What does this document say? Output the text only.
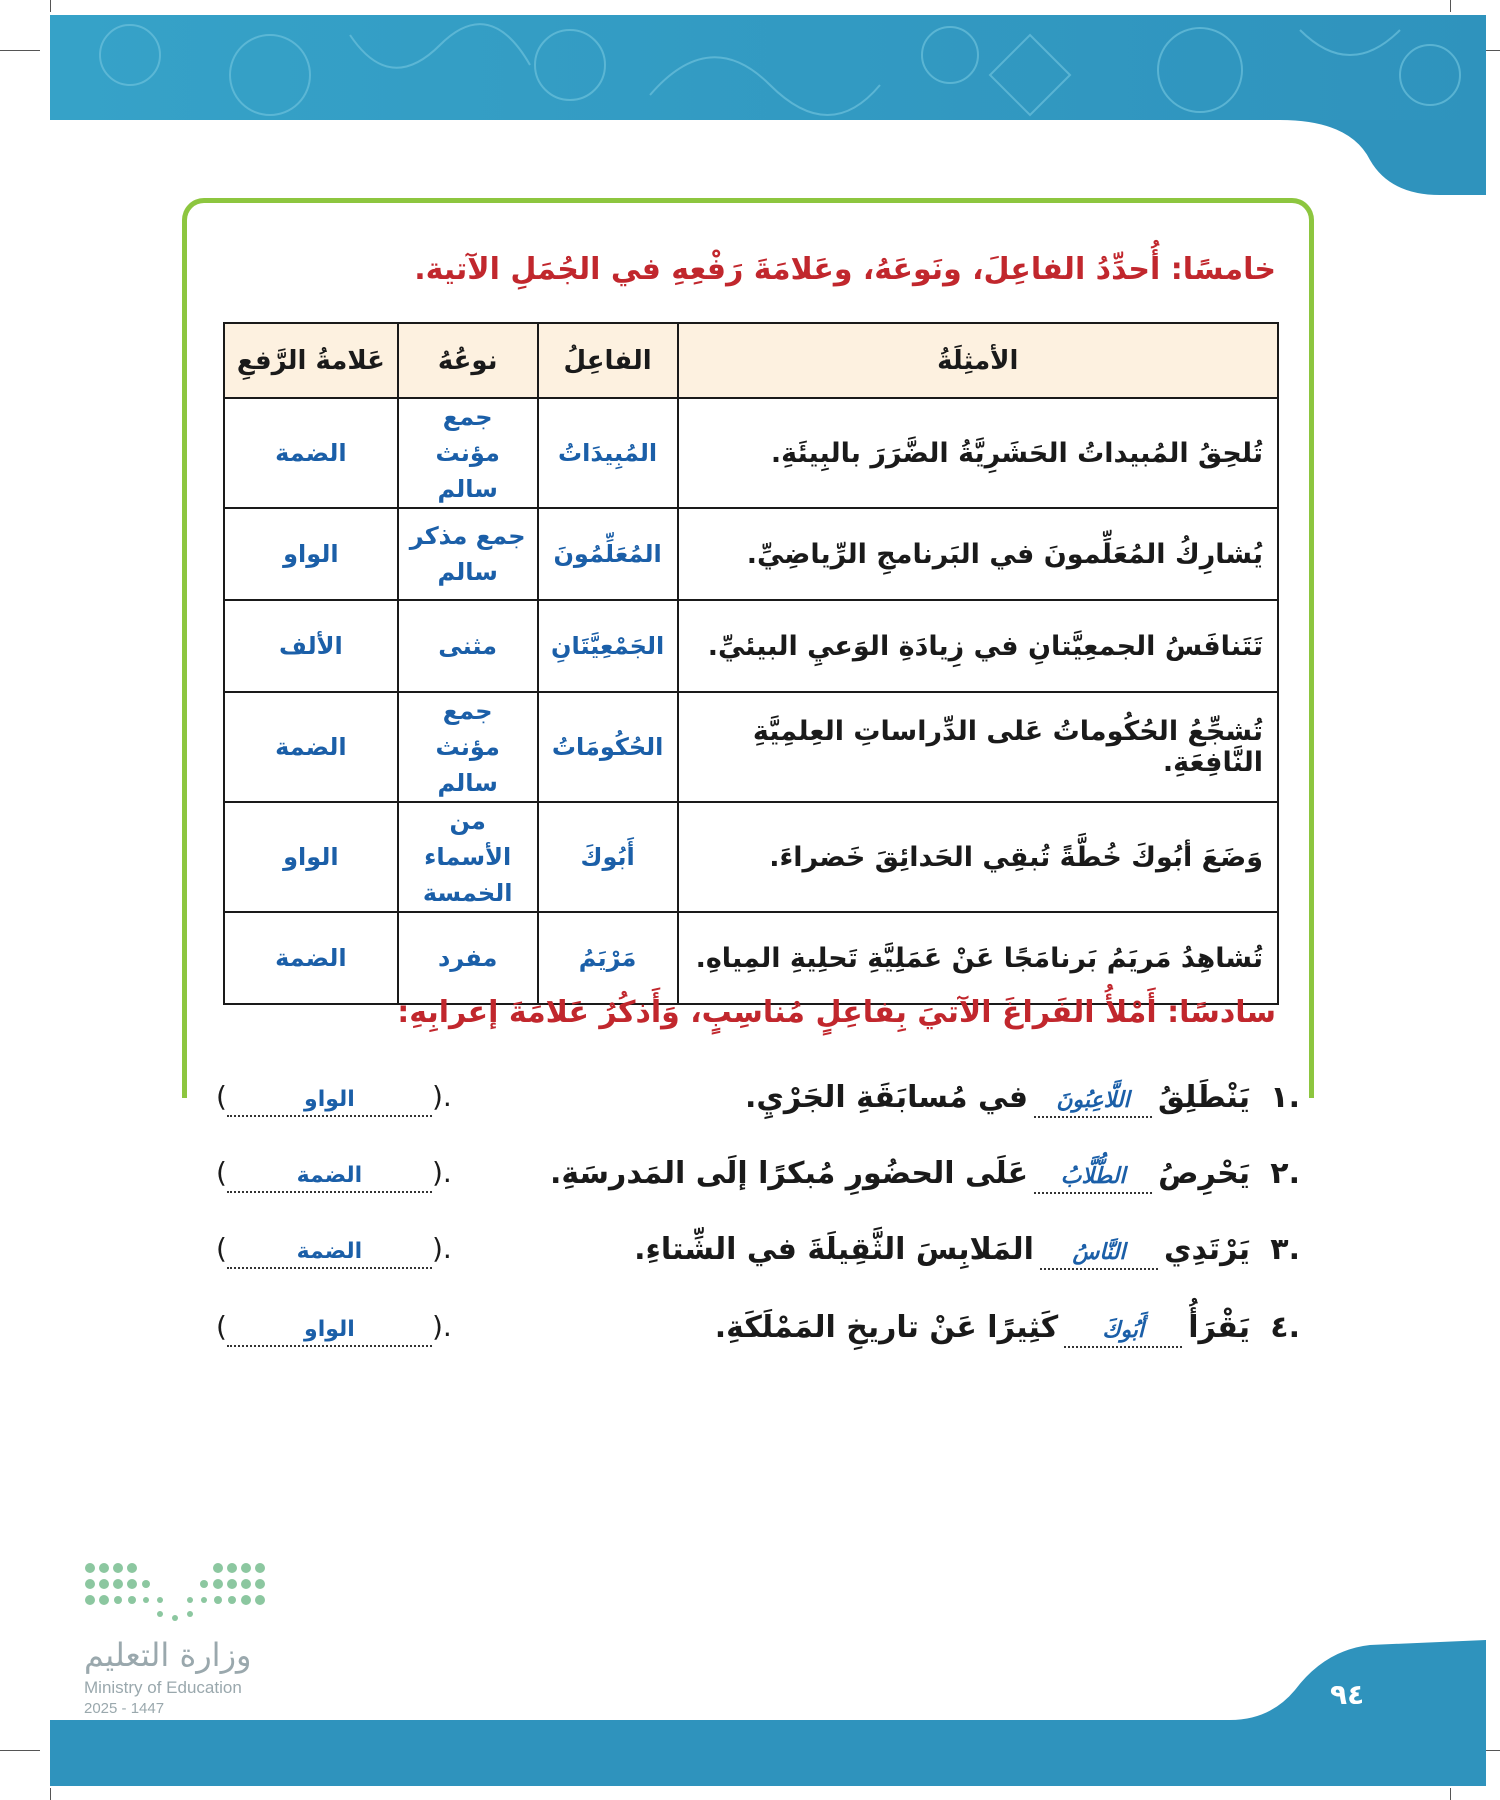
خامسًا: أُحدِّدُ الفاعِلَ، ونَوعَهُ، وعَلامَةَ رَفْعِهِ في الجُمَلِ الآتية.
الأمثِلَةُ	الفاعِلُ	نوعُهُ	عَلامةُ الرَّفعِ
تُلحِقُ المُبيداتُ الحَشَرِيَّةُ الضَّرَرَ بالبِيئَةِ.	المُبِيدَاتُ	جمع مؤنث سالم	الضمة
يُشارِكُ المُعَلِّمونَ في البَرنامجِ الرِّياضِيِّ.	المُعَلِّمُونَ	جمع مذكر سالم	الواو
تَتَنافَسُ الجمعِيَّتانِ في زِيادَةِ الوَعيِ البيئيِّ.	الجَمْعِيَّتَانِ	مثنى	الألف
تُشجِّعُ الحُكُوماتُ عَلى الدِّراساتِ العِلمِيَّةِ النَّافِعَةِ.	الحُكُومَاتُ	جمع مؤنث سالم	الضمة
وَضَعَ أبُوكَ خُطَّةً تُبقِي الحَدائِقَ خَضراءَ.	أَبُوكَ	من الأسماء الخمسة	الواو
تُشاهِدُ مَريَمُ بَرنامَجًا عَنْ عَمَلِيَّةِ تَحلِيةِ المِياهِ.	مَرْيَمُ	مفرد	الضمة
سادسًا: أَمْلأُ الفَراغَ الآتيَ بِفاعِلٍ مُناسِبٍ، وَأَذكُرُ عَلامَةَ إعرابِهِ:
١.
يَنْطَلِقُ
اللَّاعِبُونَ
في مُسابَقَةِ الجَرْيِ.
(	الواو	).
٢.
يَحْرِصُ
الطُّلَّابُ
عَلَى الحضُورِ مُبكرًا إلَى المَدرسَةِ.
(	الضمة	).
٣.
يَرْتَدِي
النَّاسُ
المَلابِسَ الثَّقِيلَةَ في الشِّتاءِ.
(	الضمة	).
٤.
يَقْرَأُ
أَبُوكَ
كَثِيرًا عَنْ تاريخِ المَمْلَكَةِ.
(	الواو	).
وزارة التعليم
Ministry of Education
2025 - 1447	٩٤
